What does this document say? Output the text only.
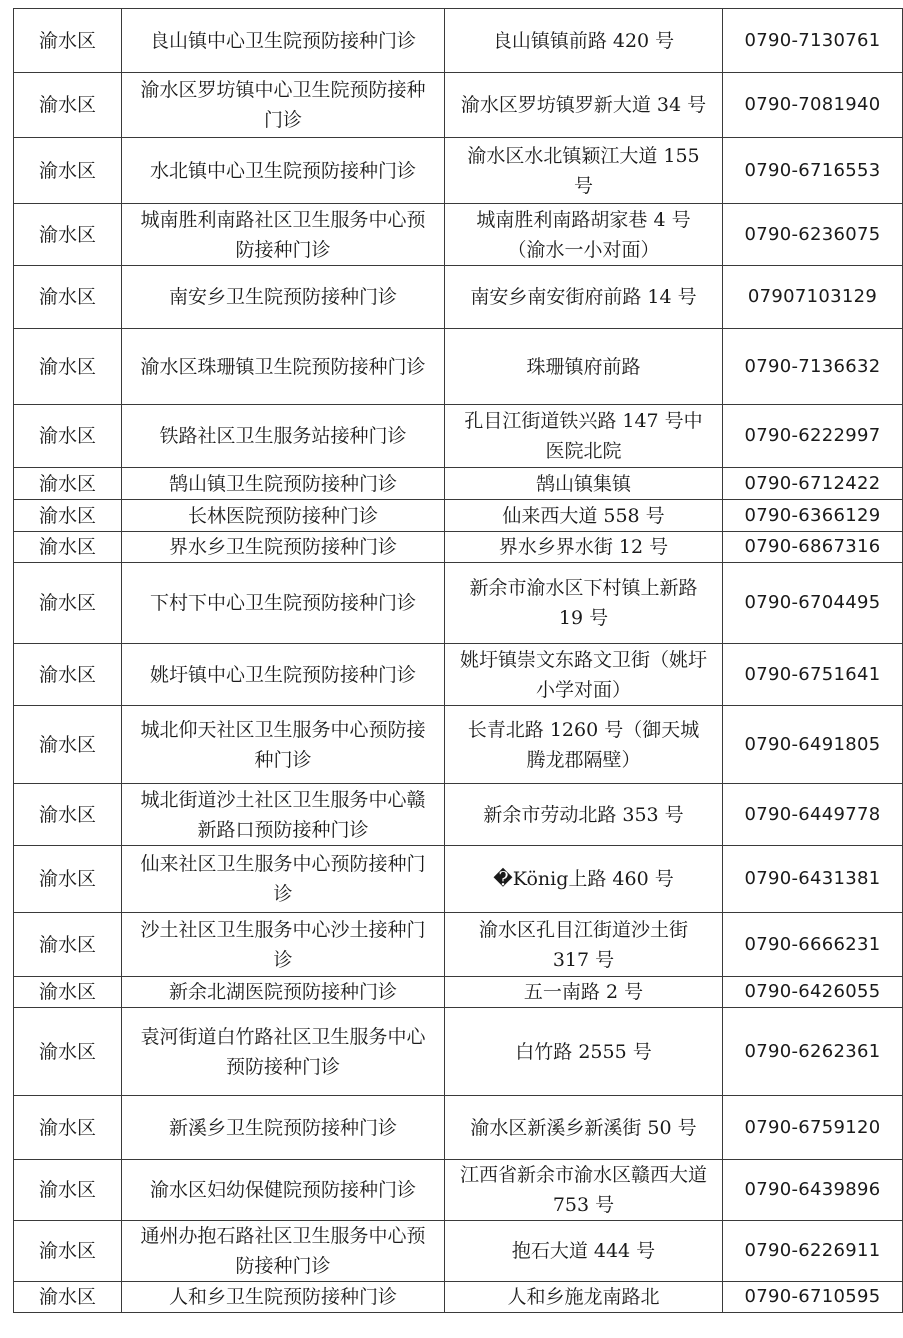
渝水区	良山镇中心卫生院预防接种门诊	良山镇镇前路 420 号	0790-7130761
渝水区	渝水区罗坊镇中心卫生院预防接种门诊	渝水区罗坊镇罗新大道 34 号	0790-7081940
渝水区	水北镇中心卫生院预防接种门诊	渝水区水北镇颖江大道 155 号	0790-6716553
渝水区	城南胜利南路社区卫生服务中心预防接种门诊	城南胜利南路胡家巷 4 号（渝水一小对面）	0790-6236075
渝水区	南安乡卫生院预防接种门诊	南安乡南安街府前路 14 号	07907103129
渝水区	渝水区珠珊镇卫生院预防接种门诊	珠珊镇府前路	0790-7136632
渝水区	铁路社区卫生服务站接种门诊	孔目江街道铁兴路 147 号中医院北院	0790-6222997
渝水区	鹄山镇卫生院预防接种门诊	鹄山镇集镇	0790-6712422
渝水区	长林医院预防接种门诊	仙来西大道 558 号	0790-6366129
渝水区	界水乡卫生院预防接种门诊	界水乡界水街 12 号	0790-6867316
渝水区	下村下中心卫生院预防接种门诊	新余市渝水区下村镇上新路 19 号	0790-6704495
渝水区	姚圩镇中心卫生院预防接种门诊	姚圩镇崇文东路文卫街（姚圩小学对面）	0790-6751641
渝水区	城北仰天社区卫生服务中心预防接种门诊	长青北路 1260 号（御天城腾龙郡隔壁）	0790-6491805
渝水区	城北街道沙土社区卫生服务中心赣新路口预防接种门诊	新余市劳动北路 353 号	0790-6449778
渝水区	仙来社区卫生服务中心预防接种门诊	�König上路 460 号	0790-6431381
渝水区	沙土社区卫生服务中心沙土接种门诊	渝水区孔目江街道沙土街 317 号	0790-6666231
渝水区	新余北湖医院预防接种门诊	五一南路 2 号	0790-6426055
渝水区	袁河街道白竹路社区卫生服务中心预防接种门诊	白竹路 2555 号	0790-6262361
渝水区	新溪乡卫生院预防接种门诊	渝水区新溪乡新溪街 50 号	0790-6759120
渝水区	渝水区妇幼保健院预防接种门诊	江西省新余市渝水区赣西大道 753 号	0790-6439896
渝水区	通州办抱石路社区卫生服务中心预防接种门诊	抱石大道 444 号	0790-6226911
渝水区	人和乡卫生院预防接种门诊	人和乡施龙南路北	0790-6710595
